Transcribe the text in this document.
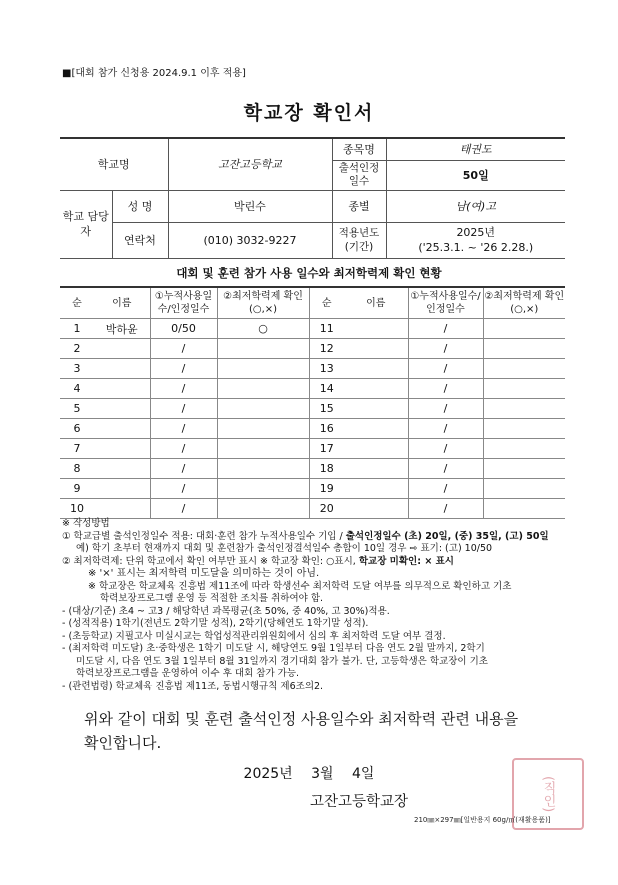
■[대회 참가 신청용 2024.9.1 이후 적용]
학교장 확인서
학교명		고잔고등학교	종목명	태권도
			출석인정 일수	50일
학교 담당자	성 명	박린수	종별	남(여)고
	연락처	(010) 3032-9227	적용년도 (기간)	2025년
('25.3.1. ~ '26 2.28.)
대회 및 훈련 참가 사용 일수와 최저학력제 확인 현황
순	이름	①누적사용일수/인정일수	②최저학력제 확인(○,×)	순	이름	①누적사용일수/인정일수	②최저학력제 확인(○,×)
1	박하윤	0/50	○	11		/	
2		/		12		/	
3		/		13		/	
4		/		14		/	
5		/		15		/	
6		/		16		/	
7		/		17		/	
8		/		18		/	
9		/		19		/	
10		/		20		/	
※ 작성방법
① 학교급별 출석인정일수 적용: 대회·훈련 참가 누적사용일수 기입 / 출석인정일수 (초) 20일, (중) 35일, (고) 50일
예) 학기 초부터 현재까지 대회 및 훈련참가 출석인정결석일수 총합이 10일 경우 ⇨ 표기: (고) 10/50
② 최저학력제: 단위 학교에서 확인 여부만 표시 ※ 학교장 확인: ○표시, 학교장 미확인: × 표시
※ '×' 표시는 최저학력 미도달을 의미하는 것이 아님.
※ 학교장은 학교체육 진흥법 제11조에 따라 학생선수 최저학력 도달 여부를 의무적으로 확인하고 기초
학력보장프로그램 운영 등 적절한 조치를 취하여야 함.
- (대상/기준) 초4 ~ 고3 / 해당학년 과목평균(초 50%, 중 40%, 고 30%)적용.
- (성적적용) 1학기(전년도 2학기말 성적), 2학기(당해연도 1학기말 성적).
- (초등학교) 지필고사 미실시교는 학업성적관리위원회에서 심의 후 최저학력 도달 여부 결정.
- (최저학력 미도달) 초·중학생은 1학기 미도달 시, 해당연도 9월 1일부터 다음 연도 2월 말까지, 2학기
미도달 시, 다음 연도 3월 1일부터 8월 31일까지 경기대회 참가 불가. 단, 고등학생은 학교장이 기초
학력보장프로그램을 운영하여 이수 후 대회 참가 가능.
- (관련법령) 학교체육 진흥법 제11조, 동법시행규칙 제6조의2.
위와 같이 대회 및 훈련 출석인정 사용일수와 최저학력 관련 내용을
확인합니다.
2025년 3월 4일
고잔고등학교장	(직인)
210㎜×297㎜[일반용지 60g/㎡(재활용품)]
